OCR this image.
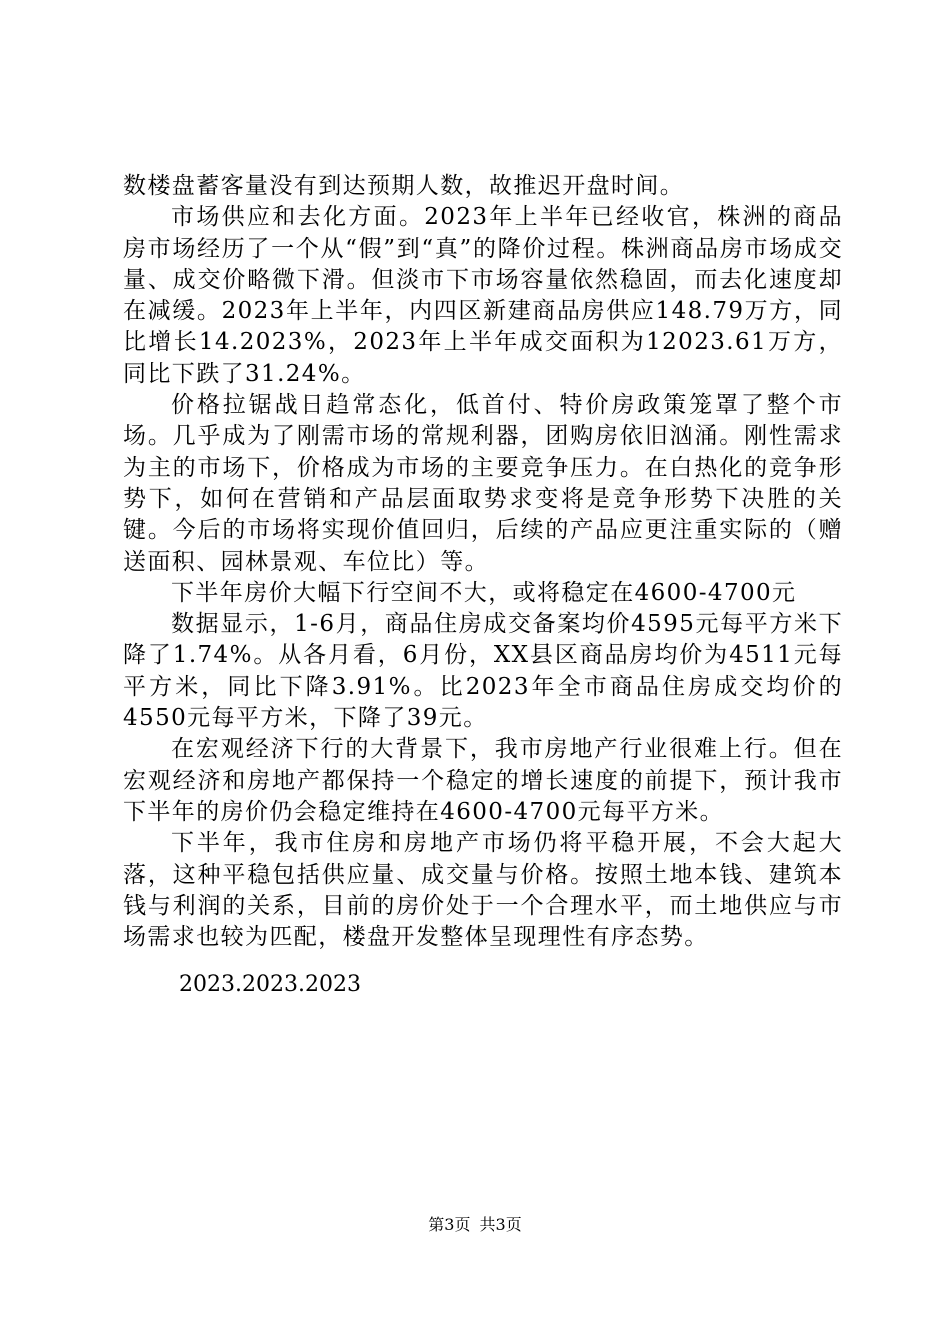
数楼盘蓄客量没有到达预期人数，故推迟开盘时间。

市场供应和去化方面。2023年上半年已经收官，株洲的商品房市场经历了一个从“假”到“真”的降价过程。株洲商品房市场成交量、成交价略微下滑。但淡市下市场容量依然稳固，而去化速度却在减缓。2023年上半年，内四区新建商品房供应148.79万方，同比增长14.2023%，2023年上半年成交面积为12023.61万方，同比下跌了31.24%。

价格拉锯战日趋常态化，低首付、特价房政策笼罩了整个市场。几乎成为了刚需市场的常规利器，团购房依旧汹涌。刚性需求为主的市场下，价格成为市场的主要竞争压力。在白热化的竞争形势下，如何在营销和产品层面取势求变将是竞争形势下决胜的关键。今后的市场将实现价值回归，后续的产品应更注重实际的（赠送面积、园林景观、车位比）等。

下半年房价大幅下行空间不大，或将稳定在4600-4700元

数据显示，1-6月，商品住房成交备案均价4595元每平方米下降了1.74%。从各月看，6月份，XX县区商品房均价为4511元每平方米，同比下降3.91%。比2023年全市商品住房成交均价的4550元每平方米，下降了39元。

在宏观经济下行的大背景下，我市房地产行业很难上行。但在宏观经济和房地产都保持一个稳定的增长速度的前提下，预计我市下半年的房价仍会稳定维持在4600-4700元每平方米。

下半年，我市住房和房地产市场仍将平稳开展，不会大起大落，这种平稳包括供应量、成交量与价格。按照土地本钱、建筑本钱与利润的关系，目前的房价处于一个合理水平，而土地供应与市场需求也较为匹配，楼盘开发整体呈现理性有序态势。

2023.2023.2023
第3页 共3页
